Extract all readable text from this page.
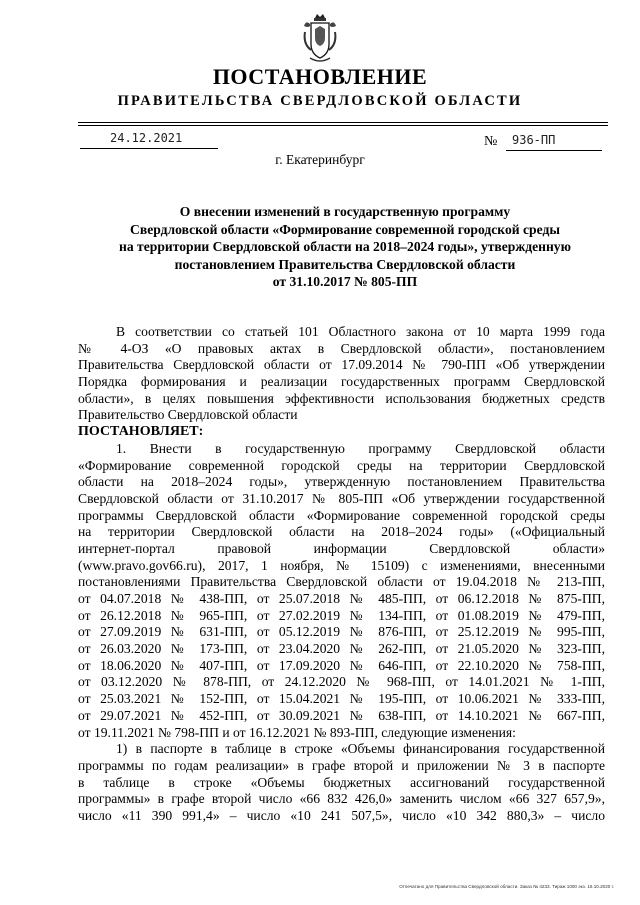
ПОСТАНОВЛЕНИЕ
ПРАВИТЕЛЬСТВА СВЕРДЛОВСКОЙ ОБЛАСТИ
24.12.2021	№ 936-ПП
г. Екатеринбург
О внесении изменений в государственную программу
Свердловской области «Формирование современной городской среды
на территории Свердловской области на 2018–2024 годы», утвержденную
постановлением Правительства Свердловской области
от 31.10.2017 № 805-ПП
В соответствии со статьей 101 Областного закона от 10 марта 1999 года
№ 4-ОЗ «О правовых актах в Свердловской области», постановлением
Правительства Свердловской области от 17.09.2014 № 790-ПП «Об утверждении
Порядка формирования и реализации государственных программ Свердловской
области», в целях повышения эффективности использования бюджетных средств
Правительство Свердловской области
ПОСТАНОВЛЯЕТ:
1. Внести в государственную программу Свердловской области
«Формирование современной городской среды на территории Свердловской
области на 2018–2024 годы», утвержденную постановлением Правительства
Свердловской области от 31.10.2017 № 805-ПП «Об утверждении государственной
программы Свердловской области «Формирование современной городской среды
на территории Свердловской области на 2018–2024 годы» («Официальный
интернет-портал правовой информации Свердловской области»
(www.pravo.gov66.ru), 2017, 1 ноября, № 15109) с изменениями, внесенными
постановлениями Правительства Свердловской области от 19.04.2018 № 213-ПП,
от 04.07.2018 № 438-ПП, от 25.07.2018 № 485-ПП, от 06.12.2018 № 875-ПП,
от 26.12.2018 № 965-ПП, от 27.02.2019 № 134-ПП, от 01.08.2019 № 479-ПП,
от 27.09.2019 № 631-ПП, от 05.12.2019 № 876-ПП, от 25.12.2019 № 995-ПП,
от 26.03.2020 № 173-ПП, от 23.04.2020 № 262-ПП, от 21.05.2020 № 323-ПП,
от 18.06.2020 № 407-ПП, от 17.09.2020 № 646-ПП, от 22.10.2020 № 758-ПП,
от 03.12.2020 № 878-ПП, от 24.12.2020 № 968-ПП, от 14.01.2021 № 1-ПП,
от 25.03.2021 № 152-ПП, от 15.04.2021 № 195-ПП, от 10.06.2021 № 333-ПП,
от 29.07.2021 № 452-ПП, от 30.09.2021 № 638-ПП, от 14.10.2021 № 667-ПП,
от 19.11.2021 № 798-ПП и от 16.12.2021 № 893-ПП, следующие изменения:
1) в паспорте в таблице в строке «Объемы финансирования государственной
программы по годам реализации» в графе второй и приложении № 3 в паспорте
в таблице в строке «Объемы бюджетных ассигнований государственной
программы» в графе второй число «66 832 426,0» заменить числом «66 327 657,9»,
число «11 390 991,4» – число «10 241 507,5», число «10 342 880,3» – число
Отпечатано для Правительства Свердловской области. Заказ № 4233. Тираж 1000 экз. 16.10.2020 г.
